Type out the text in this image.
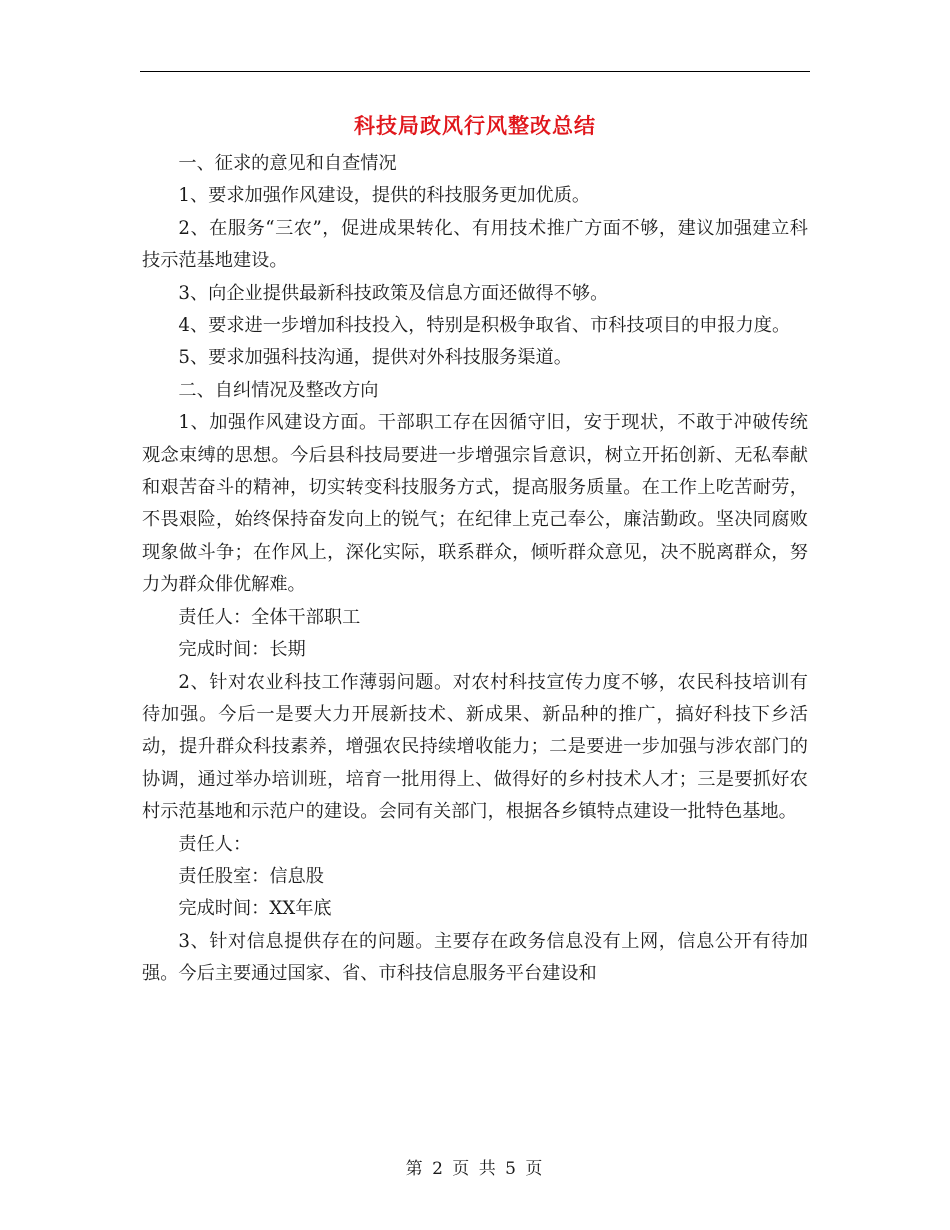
科技局政风行风整改总结

一、征求的意见和自查情况

1、要求加强作风建设，提供的科技服务更加优质。

2、在服务“三农”，促进成果转化、有用技术推广方面不够，建议加强建立科技示范基地建设。

3、向企业提供最新科技政策及信息方面还做得不够。

4、要求进一步增加科技投入，特别是积极争取省、市科技项目的申报力度。

5、要求加强科技沟通，提供对外科技服务渠道。

二、自纠情况及整改方向

1、加强作风建设方面。干部职工存在因循守旧，安于现状，不敢于冲破传统观念束缚的思想。今后县科技局要进一步增强宗旨意识，树立开拓创新、无私奉献和艰苦奋斗的精神，切实转变科技服务方式，提高服务质量。在工作上吃苦耐劳，不畏艰险，始终保持奋发向上的锐气；在纪律上克己奉公，廉洁勤政。坚决同腐败现象做斗争；在作风上，深化实际，联系群众，倾听群众意见，决不脱离群众，努力为群众俳优解难。

责任人：全体干部职工

完成时间：长期

2、针对农业科技工作薄弱问题。对农村科技宣传力度不够，农民科技培训有待加强。今后一是要大力开展新技术、新成果、新品种的推广，搞好科技下乡活动，提升群众科技素养，增强农民持续增收能力；二是要进一步加强与涉农部门的协调，通过举办培训班，培育一批用得上、做得好的乡村技术人才；三是要抓好农村示范基地和示范户的建设。会同有关部门，根据各乡镇特点建设一批特色基地。

责任人：

责任股室：信息股

完成时间：XX年底

3、针对信息提供存在的问题。主要存在政务信息没有上网，信息公开有待加强。今后主要通过国家、省、市科技信息服务平台建设和

第 2 页 共 5 页
